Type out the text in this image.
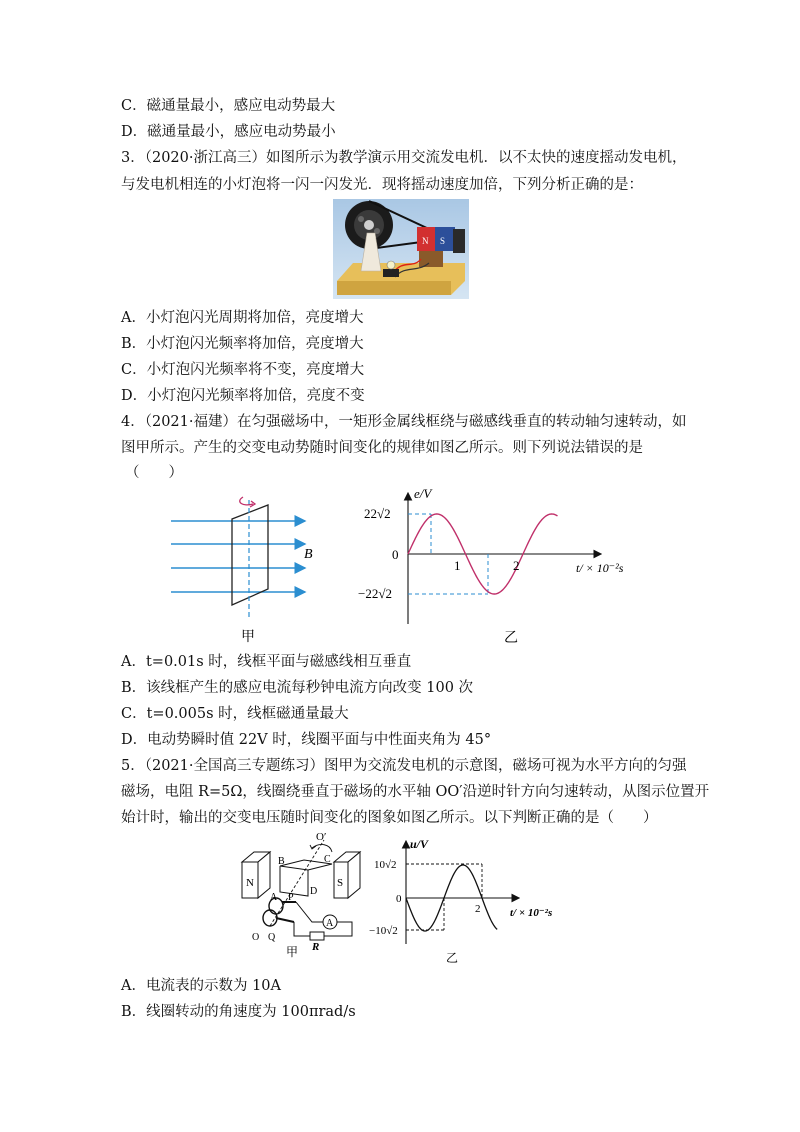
C．磁通量最小，感应电动势最大
D．磁通量最小，感应电动势最小
3．（2020·浙江高三）如图所示为教学演示用交流发电机．以不太快的速度摇动发电机，
与发电机相连的小灯泡将一闪一闪发光．现将摇动速度加倍，下列分析正确的是：
N S
A．小灯泡闪光周期将加倍，亮度增大
B．小灯泡闪光频率将加倍，亮度增大
C．小灯泡闪光频率将不变，亮度增大
D．小灯泡闪光频率将加倍，亮度不变
4．（2021·福建）在匀强磁场中，一矩形金属线框绕与磁感线垂直的转动轴匀速转动，如
图甲所示。产生的交变电动势随时间变化的规律如图乙所示。则下列说法错误的是
（　　）
B
甲
e/V
22√2
−22√2
0
1	2	t/ × 10⁻²s
乙
A．t=0.01s 时，线框平面与磁感线相互垂直
B．该线框产生的感应电流每秒钟电流方向改变 100 次
C．t=0.005s 时，线框磁通量最大
D．电动势瞬时值 22V 时，线圈平面与中性面夹角为 45°
5．（2021·全国高三专题练习）图甲为交流发电机的示意图，磁场可视为水平方向的匀强
磁场，电阻 R=5Ω，线圈绕垂直于磁场的水平轴 OO′沿逆时针方向匀速转动，从图示位置开
始计时，输出的交变电压随时间变化的图象如图乙所示。以下判断正确的是（　　）
N	S
A
O′
B	C
A P
D
O Q
R
甲
u/V
10√2
−10√2
0
2	t/ × 10⁻²s
乙
A．电流表的示数为 10A
B．线圈转动的角速度为 100πrad/s
